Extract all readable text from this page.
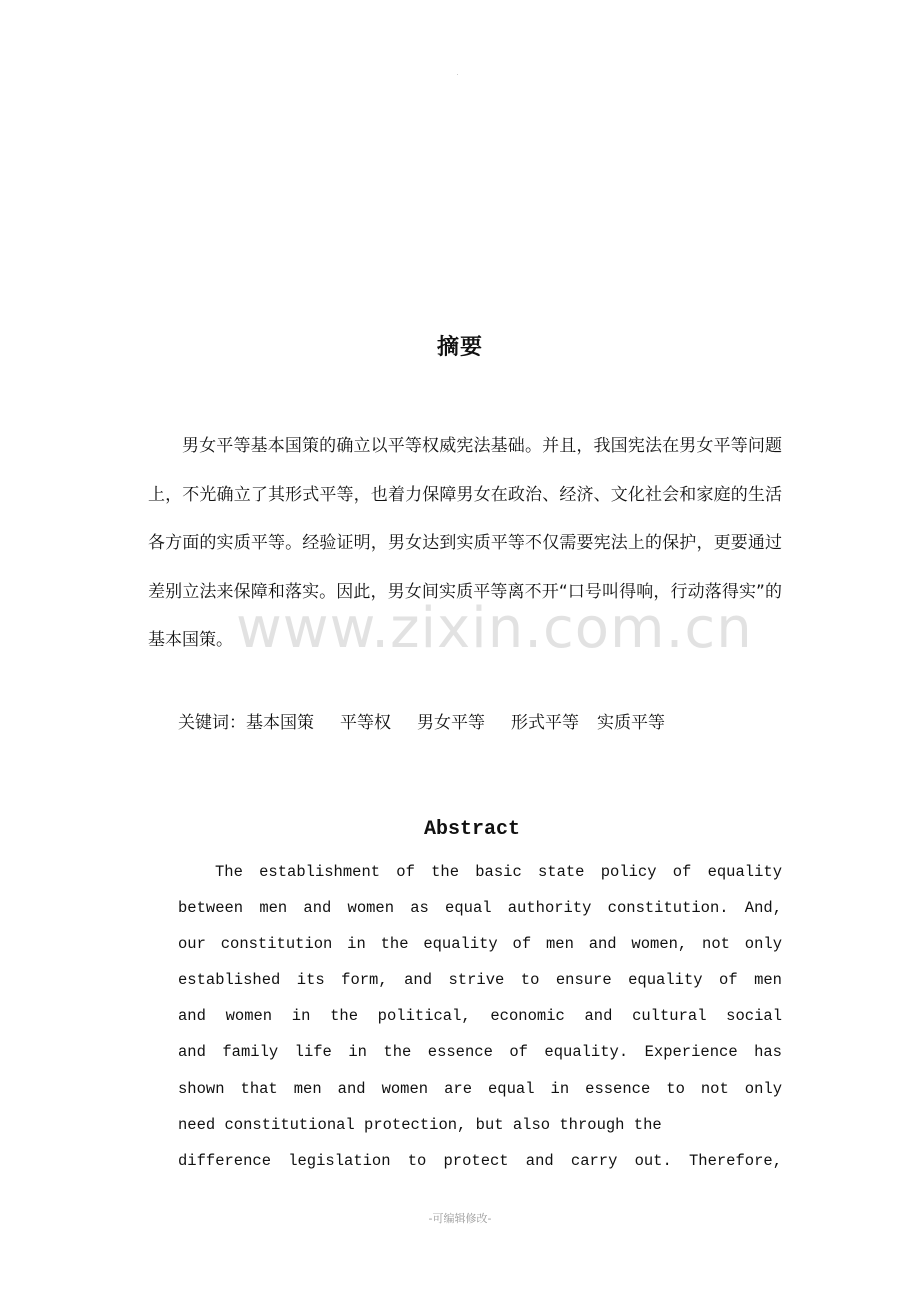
摘要

男女平等基本国策的确立以平等权威宪法基础。并且，我国宪法在男女平等问题上，不光确立了其形式平等，也着力保障男女在政治、经济、文化社会和家庭的生活各方面的实质平等。经验证明，男女达到实质平等不仅需要宪法上的保护，更要通过差别立法来保障和落实。因此，男女间实质平等离不开“口号叫得响，行动落得实”的基本国策。 www.zixin.com.cn
关键词：基本国策 平等权 男女平等 形式平等 实质平等
Abstract
The establishment of the basic state policy of equality
between men and women as equal authority constitution. And,
our constitution in the equality of men and women, not only
established its form, and strive to ensure equality of men
and women in the political, economic and cultural social
and family life in the essence of equality. Experience has
shown that men and women are equal in essence to not only
need constitutional protection, but also through the
difference legislation to protect and carry out. Therefore,
-可编辑修改-
